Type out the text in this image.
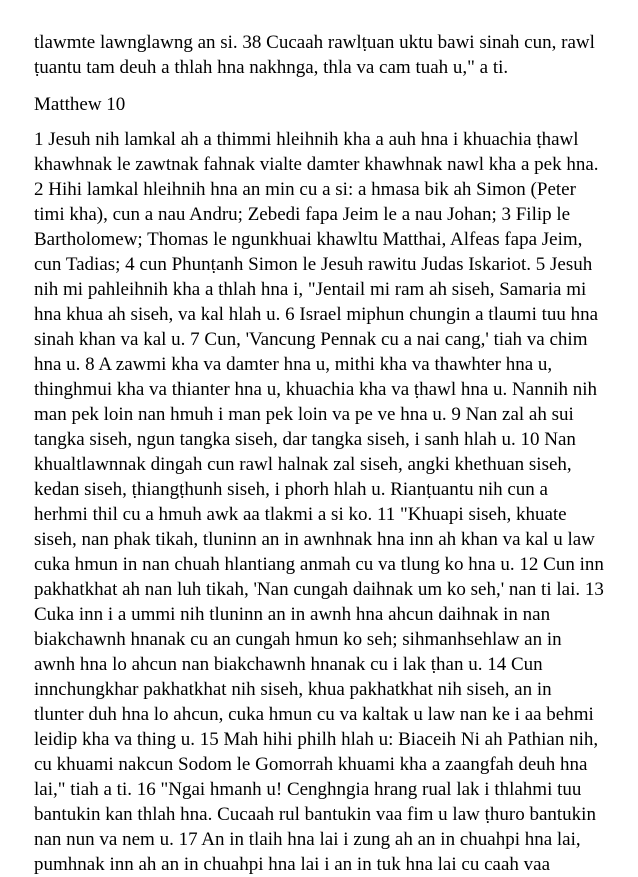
tlawmte lawnglawng an si. 38 Cucaah rawlṭuan uktu bawi sinah cun, rawl
ṭuantu tam deuh a thlah hna nakhnga, thla va cam tuah u," a ti.

Matthew 10

1 Jesuh nih lamkal ah a thimmi hleihnih kha a auh hna i khuachia ṭhawl
khawhnak le zawtnak fahnak vialte damter khawhnak nawl kha a pek hna.
2 Hihi lamkal hleihnih hna an min cu a si: a hmasa bik ah Simon (Peter
timi kha), cun a nau Andru; Zebedi fapa Jeim le a nau Johan; 3 Filip le
Bartholomew; Thomas le ngunkhuai khawltu Matthai, Alfeas fapa Jeim,
cun Tadias; 4 cun Phunṭanh Simon le Jesuh rawitu Judas Iskariot. 5 Jesuh
nih mi pahleihnih kha a thlah hna i, "Jentail mi ram ah siseh, Samaria mi
hna khua ah siseh, va kal hlah u. 6 Israel miphun chungin a tlaumi tuu hna
sinah khan va kal u. 7 Cun, 'Vancung Pennak cu a nai cang,' tiah va chim
hna u. 8 A zawmi kha va damter hna u, mithi kha va thawhter hna u,
thinghmui kha va thianter hna u, khuachia kha va ṭhawl hna u. Nannih nih
man pek loin nan hmuh i man pek loin va pe ve hna u. 9 Nan zal ah sui
tangka siseh, ngun tangka siseh, dar tangka siseh, i sanh hlah u. 10 Nan
khualtlawnnak dingah cun rawl halnak zal siseh, angki khethuan siseh,
kedan siseh, ṭhiangṭhunh siseh, i phorh hlah u. Rianṭuantu nih cun a
herhmi thil cu a hmuh awk aa tlakmi a si ko. 11 "Khuapi siseh, khuate
siseh, nan phak tikah, tluninn an in awnhnak hna inn ah khan va kal u law
cuka hmun in nan chuah hlantiang anmah cu va tlung ko hna u. 12 Cun inn
pakhatkhat ah nan luh tikah, 'Nan cungah daihnak um ko seh,' nan ti lai. 13
Cuka inn i a ummi nih tluninn an in awnh hna ahcun daihnak in nan
biakchawnh hnanak cu an cungah hmun ko seh; sihmanhsehlaw an in
awnh hna lo ahcun nan biakchawnh hnanak cu i lak ṭhan u. 14 Cun
innchungkhar pakhatkhat nih siseh, khua pakhatkhat nih siseh, an in
tlunter duh hna lo ahcun, cuka hmun cu va kaltak u law nan ke i aa behmi
leidip kha va thing u. 15 Mah hihi philh hlah u: Biaceih Ni ah Pathian nih,
cu khuami nakcun Sodom le Gomorrah khuami kha a zaangfah deuh hna
lai," tiah a ti. 16 "Ngai hmanh u! Cenghngia hrang rual lak i thlahmi tuu
bantukin kan thlah hna. Cucaah rul bantukin vaa fim u law ṭhuro bantukin
nan nun va nem u. 17 An in tlaih hna lai i zung ah an in chuahpi hna lai,
pumhnak inn ah an in chuahpi hna lai i an in tuk hna lai cu caah vaa
